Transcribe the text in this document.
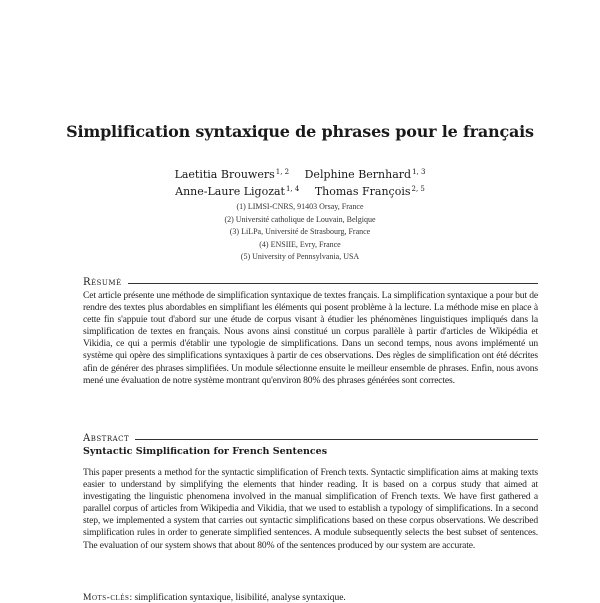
Simplification syntaxique de phrases pour le français
Laetitia Brouwers$^{1, 2}$ Delphine Bernhard$^{1, 3}$
Anne-Laure Ligozat$^{1, 4}$ Thomas François$^{2, 5}$
(1) LIMSI-CNRS, 91403 Orsay, France
(2) Université catholique de Louvain, Belgique
(3) LiLPa, Université de Strasbourg, France
(4) ENSIIE, Evry, France
(5) University of Pennsylvania, USA
Résumé
Cet article présente une méthode de simplification syntaxique de textes français. La simplification syntaxique a pour but de rendre des textes plus abordables en simplifiant les éléments qui posent problème à la lecture. La méthode mise en place à cette fin s'appuie tout d'abord sur une étude de corpus visant à étudier les phénomènes linguistiques impliqués dans la simplification de textes en français. Nous avons ainsi constitué un corpus parallèle à partir d'articles de Wikipédia et Vikidia, ce qui a permis d'établir une typologie de simplifications. Dans un second temps, nous avons implémenté un système qui opère des simplifications syntaxiques à partir de ces observations. Des règles de simplification ont été décrites afin de générer des phrases simplifiées. Un module sélectionne ensuite le meilleur ensemble de phrases. Enfin, nous avons mené une évaluation de notre système montrant qu'environ 80% des phrases générées sont correctes.
Abstract
Syntactic Simplification for French Sentences
This paper presents a method for the syntactic simplification of French texts. Syntactic simplification aims at making texts easier to understand by simplifying the elements that hinder reading. It is based on a corpus study that aimed at investigating the linguistic phenomena involved in the manual simplification of French texts. We have first gathered a parallel corpus of articles from Wikipedia and Vikidia, that we used to establish a typology of simplifications. In a second step, we implemented a system that carries out syntactic simplifications based on these corpus observations. We described simplification rules in order to generate simplified sentences. A module subsequently selects the best subset of sentences. The evaluation of our system shows that about 80% of the sentences produced by our system are accurate.
Mots-clés: simplification syntaxique, lisibilité, analyse syntaxique.
